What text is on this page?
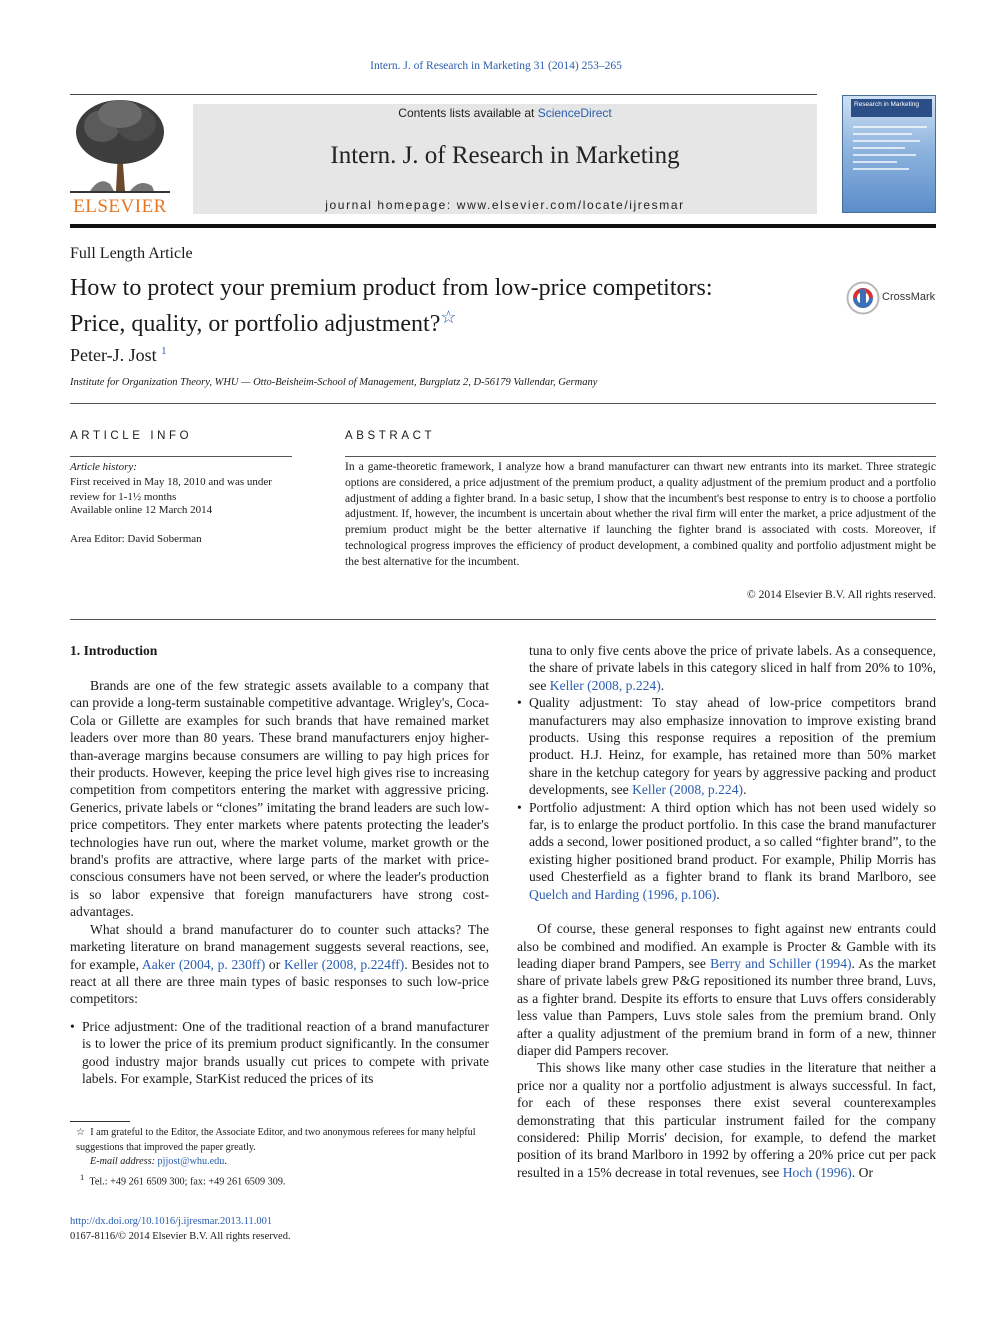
Intern. J. of Research in Marketing 31 (2014) 253–265
ELSEVIER
Contents lists available at ScienceDirect
Intern. J. of Research in Marketing
journal homepage: www.elsevier.com/locate/ijresmar
Research in Marketing
Full Length Article
How to protect your premium product from low-price competitors:
Price, quality, or portfolio adjustment?☆
CrossMark
Peter-J. Jost $^1$
Institute for Organization Theory, WHU — Otto-Beisheim-School of Management, Burgplatz 2, D-56179 Vallendar, Germany
ARTICLE INFO	ABSTRACT
Article history:
First received in May 18, 2010 and was under review for 1-1½ months
Available online 12 March 2014
Area Editor: David Soberman
In a game-theoretic framework, I analyze how a brand manufacturer can thwart new entrants into its market. Three strategic options are considered, a price adjustment of the premium product, a quality adjustment of the premium product and a portfolio adjustment of adding a fighter brand. In a basic setup, I show that the incumbent's best response to entry is to choose a portfolio adjustment. If, however, the incumbent is uncertain about whether the rival firm will enter the market, a price adjustment of the premium product might be the better alternative if launching the fighter brand is associated with costs. Moreover, if technological progress improves the efficiency of product development, a combined quality and portfolio adjustment might be the best alternative for the incumbent.
© 2014 Elsevier B.V. All rights reserved.
1. Introduction

Brands are one of the few strategic assets available to a company that can provide a long-term sustainable competitive advantage. Wrigley's, Coca-Cola or Gillette are examples for such brands that have remained market leaders over more than 80 years. These brand manufacturers enjoy higher-than-average margins because consumers are willing to pay high prices for their products. However, keeping the price level high gives rise to increasing competition from competitors entering the market with aggressive pricing. Generics, private labels or “clones” imitating the brand leaders are such low-price competitors. They enter markets where patents protecting the leader's technologies have run out, where the market volume, market growth or the brand's profits are attractive, where large parts of the market with price-conscious consumers have not been served, or where the leader's production is so labor expensive that foreign manufacturers have strong cost-advantages.

What should a brand manufacturer do to counter such attacks? The marketing literature on brand management suggests several reactions, see, for example, Aaker (2004, p. 230ff) or Keller (2008, p.224ff). Besides not to react at all there are three main types of basic responses to such low-price competitors:

• Price adjustment: One of the traditional reaction of a brand manufacturer is to lower the price of its premium product significantly. In the consumer good industry major brands usually cut prices to compete with private labels. For example, StarKist reduced the prices of its
tuna to only five cents above the price of private labels. As a consequence, the share of private labels in this category sliced in half from 20% to 10%, see Keller (2008, p.224).
• Quality adjustment: To stay ahead of low-price competitors brand manufacturers may also emphasize innovation to improve existing brand products. Using this response requires a reposition of the premium product. H.J. Heinz, for example, has retained more than 50% market share in the ketchup category for years by aggressive packing and product developments, see Keller (2008, p.224).
• Portfolio adjustment: A third option which has not been used widely so far, is to enlarge the product portfolio. In this case the brand manufacturer adds a second, lower positioned product, a so called “fighter brand”, to the existing higher positioned brand product. For example, Philip Morris has used Chesterfield as a fighter brand to flank its brand Marlboro, see Quelch and Harding (1996, p.106).

Of course, these general responses to fight against new entrants could also be combined and modified. An example is Procter & Gamble with its leading diaper brand Pampers, see Berry and Schiller (1994). As the market share of private labels grew P&G repositioned its number three brand, Luvs, as a fighter brand. Despite its efforts to ensure that Luvs offers considerably less value than Pampers, Luvs stole sales from the premium brand. Only after a quality adjustment of the premium brand in form of a new, thinner diaper did Pampers recover.

This shows like many other case studies in the literature that neither a price nor a quality nor a portfolio adjustment is always successful. In fact, for each of these responses there exist several counterexamples demonstrating that this particular instrument failed for the company considered: Philip Morris' decision, for example, to defend the market position of its brand Marlboro in 1992 by offering a 20% price cut per pack resulted in a 15% decrease in total revenues, see Hoch (1996). Or

☆ I am grateful to the Editor, the Associate Editor, and two anonymous referees for many helpful suggestions that improved the paper greatly.
E-mail address: pjjost@whu.edu.
$^1$ Tel.: +49 261 6509 300; fax: +49 261 6509 309.
http://dx.doi.org/10.1016/j.ijresmar.2013.11.001
0167-8116/© 2014 Elsevier B.V. All rights reserved.
